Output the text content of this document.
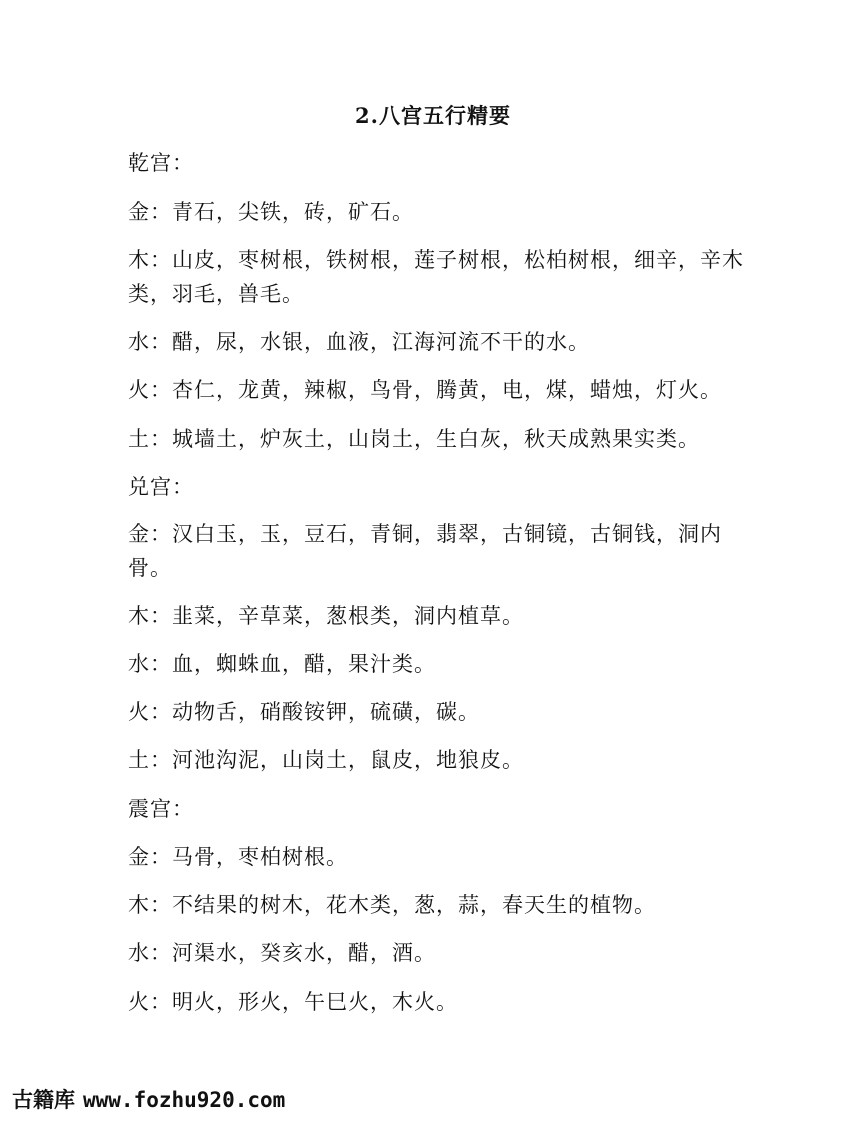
2.八宫五行精要
乾宫：
金：青石，尖铁，砖，矿石。
木：山皮，枣树根，铁树根，莲子树根，松柏树根，细辛，辛木类，羽毛，兽毛。
水：醋，尿，水银，血液，江海河流不干的水。
火：杏仁，龙黄，辣椒，鸟骨，腾黄，电，煤，蜡烛，灯火。
土：城墙土，炉灰土，山岗土，生白灰，秋天成熟果实类。
兑宫：
金：汉白玉，玉，豆石，青铜，翡翠，古铜镜，古铜钱，洞内骨。
木：韭菜，辛草菜，葱根类，洞内植草。
水：血，蜘蛛血，醋，果汁类。
火：动物舌，硝酸铵钾，硫磺，碳。
土：河池沟泥，山岗土，鼠皮，地狼皮。
震宫：
金：马骨，枣柏树根。
木：不结果的树木，花木类，葱，蒜，春天生的植物。
水：河渠水，癸亥水，醋，酒。
火：明火，形火，午巳火，木火。
古籍库 www.fozhu920.com
